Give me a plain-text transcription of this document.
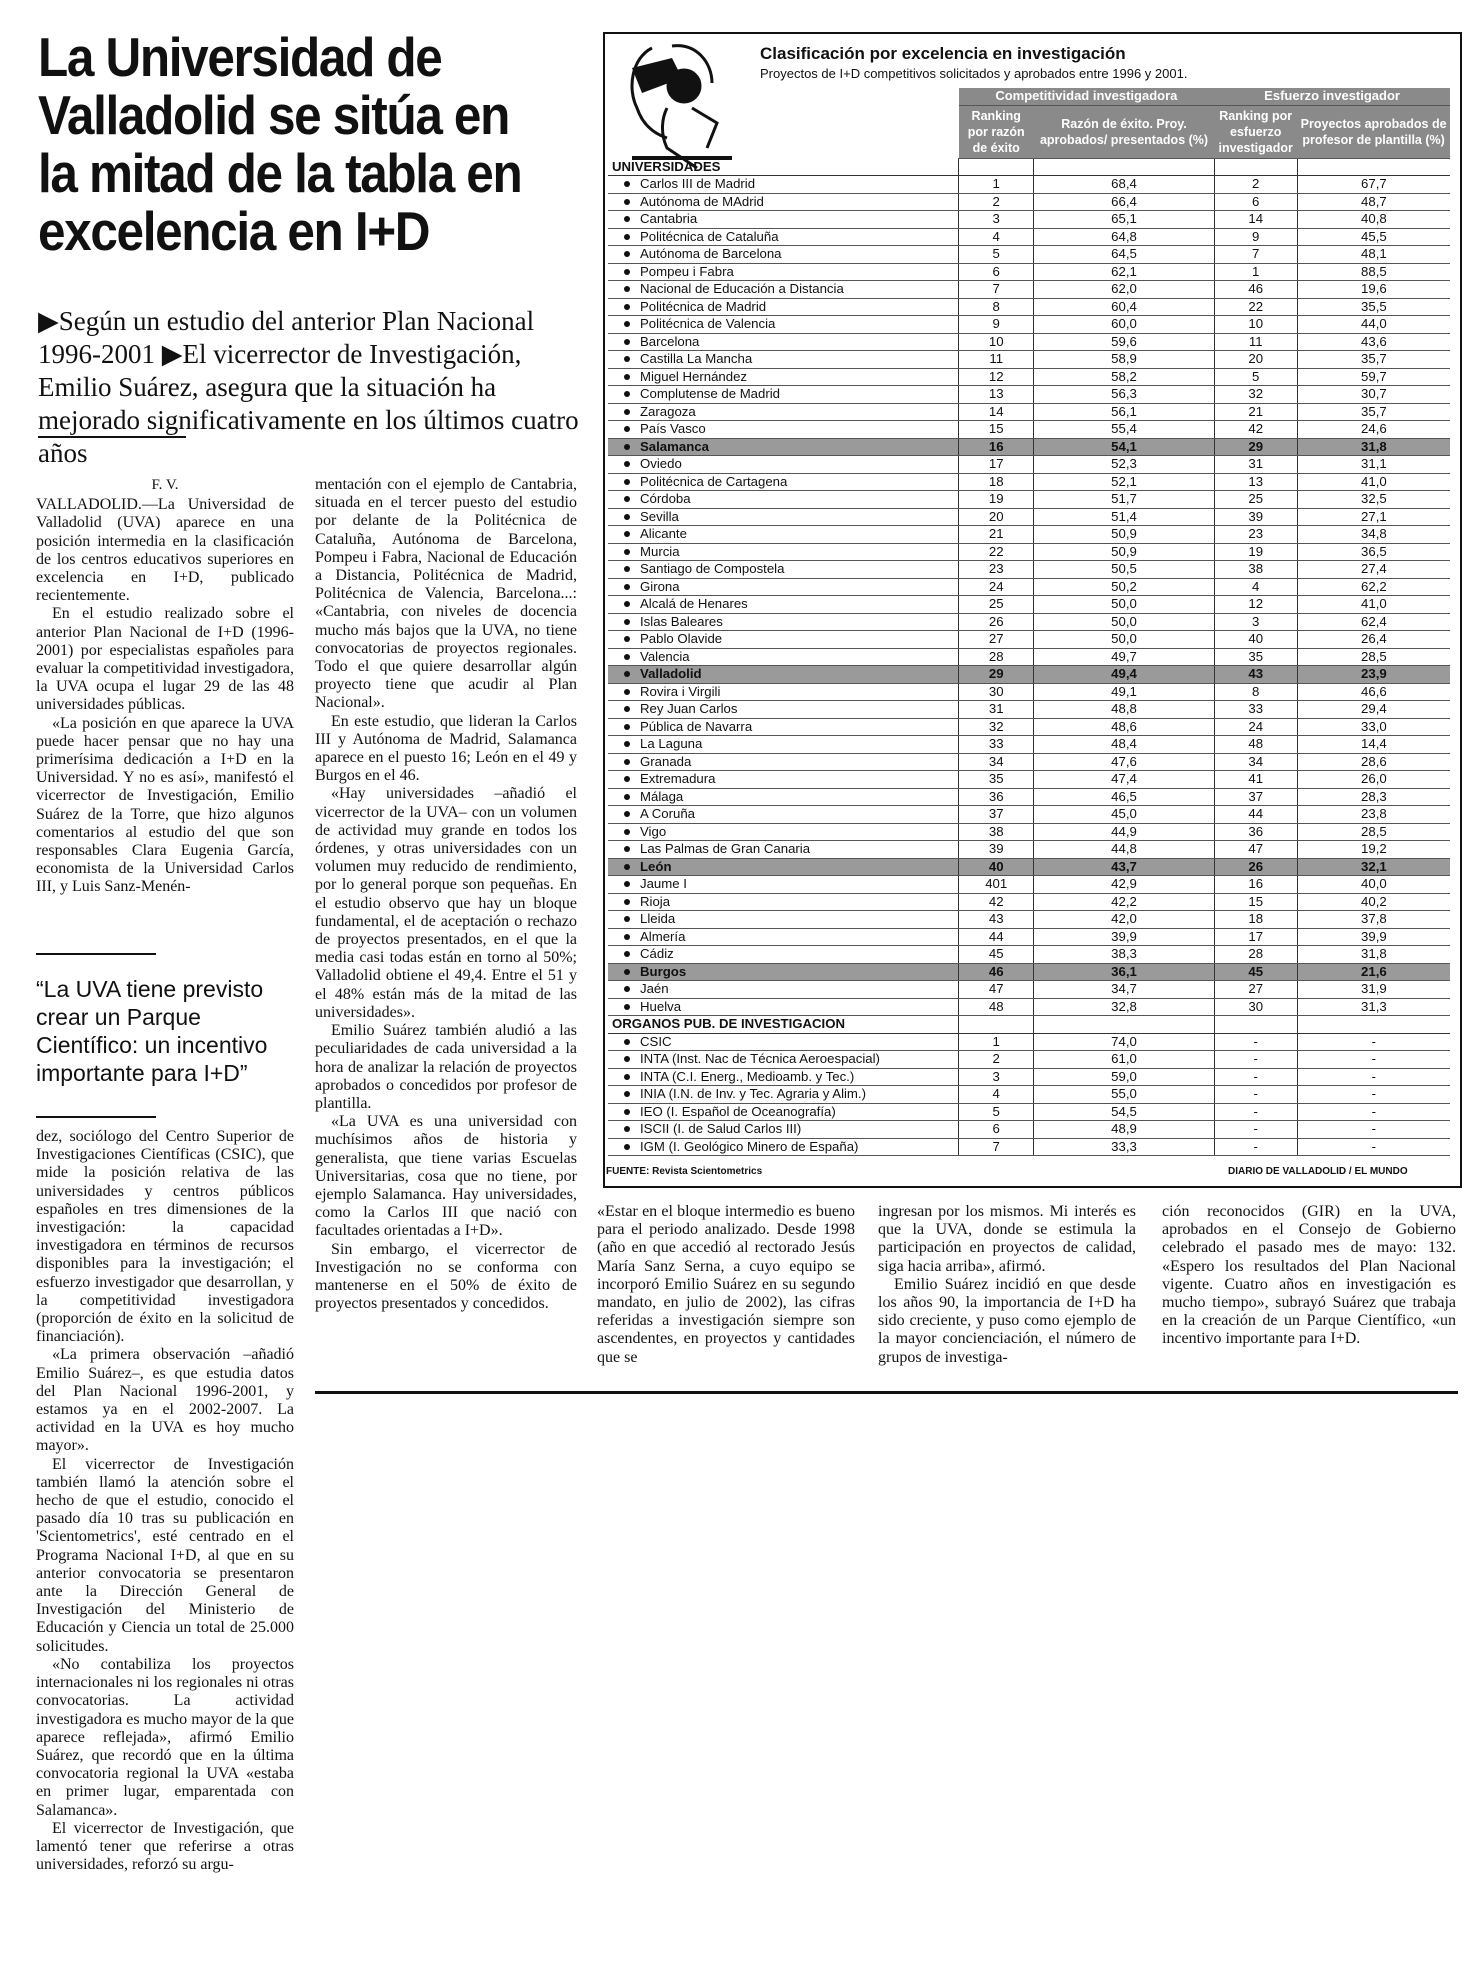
La Universidad de Valladolid se sitúa en la mitad de la tabla en excelencia en I+D
▶Según un estudio del anterior Plan Nacional 1996-2001 ▶El vicerrector de Investigación, Emilio Suárez, asegura que la situación ha mejorado significativamente en los últimos cuatro años
F. V.

VALLADOLID.—La Universidad de Valladolid (UVA) aparece en una posición intermedia en la clasificación de los centros educativos superiores en excelencia en I+D, publicado recientemente.

En el estudio realizado sobre el anterior Plan Nacional de I+D (1996-2001) por especialistas españoles para evaluar la competitividad investigadora, la UVA ocupa el lugar 29 de las 48 universidades públicas.

«La posición en que aparece la UVA puede hacer pensar que no hay una primerísima dedicación a I+D en la Universidad. Y no es así», manifestó el vicerrector de Investigación, Emilio Suárez de la Torre, que hizo algunos comentarios al estudio del que son responsables Clara Eugenia García, economista de la Universidad Carlos III, y Luis Sanz-Menén-

“La UVA tiene previsto crear un Parque Científico: un incentivo importante para I+D”

dez, sociólogo del Centro Superior de Investigaciones Científicas (CSIC), que mide la posición relativa de las universidades y centros públicos españoles en tres dimensiones de la investigación: la capacidad investigadora en términos de recursos disponibles para la investigación; el esfuerzo investigador que desarrollan, y la competitividad investigadora (proporción de éxito en la solicitud de financiación).

«La primera observación –añadió Emilio Suárez–, es que estudia datos del Plan Nacional 1996-2001, y estamos ya en el 2002-2007. La actividad en la UVA es hoy mucho mayor».

El vicerrector de Investigación también llamó la atención sobre el hecho de que el estudio, conocido el pasado día 10 tras su publicación en 'Scientometrics', esté centrado en el Programa Nacional I+D, al que en su anterior convocatoria se presentaron ante la Dirección General de Investigación del Ministerio de Educación y Ciencia un total de 25.000 solicitudes.

«No contabiliza los proyectos internacionales ni los regionales ni otras convocatorias. La actividad investigadora es mucho mayor de la que aparece reflejada», afirmó Emilio Suárez, que recordó que en la última convocatoria regional la UVA «estaba en primer lugar, emparentada con Salamanca».

El vicerrector de Investigación, que lamentó tener que referirse a otras universidades, reforzó su argu-

mentación con el ejemplo de Cantabria, situada en el tercer puesto del estudio por delante de la Politécnica de Cataluña, Autónoma de Barcelona, Pompeu i Fabra, Nacional de Educación a Distancia, Politécnica de Madrid, Politécnica de Valencia, Barcelona...: «Cantabria, con niveles de docencia mucho más bajos que la UVA, no tiene convocatorias de proyectos regionales. Todo el que quiere desarrollar algún proyecto tiene que acudir al Plan Nacional».

En este estudio, que lideran la Carlos III y Autónoma de Madrid, Salamanca aparece en el puesto 16; León en el 49 y Burgos en el 46.

«Hay universidades –añadió el vicerrector de la UVA– con un volumen de actividad muy grande en todos los órdenes, y otras universidades con un volumen muy reducido de rendimiento, por lo general porque son pequeñas. En el estudio observo que hay un bloque fundamental, el de aceptación o rechazo de proyectos presentados, en el que la media casi todas están en torno al 50%; Valladolid obtiene el 49,4. Entre el 51 y el 48% están más de la mitad de las universidades».

Emilio Suárez también aludió a las peculiaridades de cada universidad a la hora de analizar la relación de proyectos aprobados o concedidos por profesor de plantilla.

«La UVA es una universidad con muchísimos años de historia y generalista, que tiene varias Escuelas Universitarias, cosa que no tiene, por ejemplo Salamanca. Hay universidades, como la Carlos III que nació con facultades orientadas a I+D».

Sin embargo, el vicerrector de Investigación no se conforma con mantenerse en el 50% de éxito de proyectos presentados y concedidos.

«Estar en el bloque intermedio es bueno para el periodo analizado. Desde 1998 (año en que accedió al rectorado Jesús María Sanz Serna, a cuyo equipo se incorporó Emilio Suárez en su segundo mandato, en julio de 2002), las cifras referidas a investigación siempre son ascendentes, en proyectos y cantidades que se

ingresan por los mismos. Mi interés es que la UVA, donde se estimula la participación en proyectos de calidad, siga hacia arriba», afirmó.

Emilio Suárez incidió en que desde los años 90, la importancia de I+D ha sido creciente, y puso como ejemplo de la mayor concienciación, el número de grupos de investiga-

ción reconocidos (GIR) en la UVA, aprobados en el Consejo de Gobierno celebrado el pasado mes de mayo: 132. «Espero los resultados del Plan Nacional vigente. Cuatro años en investigación es mucho tiempo», subrayó Suárez que trabaja en la creación de un Parque Científico, «un incentivo importante para I+D.

Clasificación por excelencia en investigación
Proyectos de I+D competitivos solicitados y aprobados entre 1996 y 2001.
	Competitividad investigadora		Esfuerzo investigador	
	Ranking por razón de éxito	Razón de éxito. Proy. aprobados/ presentados (%)	Ranking por esfuerzo investigador	Proyectos aprobados de profesor de plantilla (%)
UNIVERSIDADES				
Carlos III de Madrid	1	68,4	2	67,7
Autónoma de MAdrid	2	66,4	6	48,7
Cantabria	3	65,1	14	40,8
Politécnica de Cataluña	4	64,8	9	45,5
Autónoma de Barcelona	5	64,5	7	48,1
Pompeu i Fabra	6	62,1	1	88,5
Nacional de Educación a Distancia	7	62,0	46	19,6
Politécnica de Madrid	8	60,4	22	35,5
Politécnica de Valencia	9	60,0	10	44,0
Barcelona	10	59,6	11	43,6
Castilla La Mancha	11	58,9	20	35,7
Miguel Hernández	12	58,2	5	59,7
Complutense de Madrid	13	56,3	32	30,7
Zaragoza	14	56,1	21	35,7
País Vasco	15	55,4	42	24,6
Salamanca	16	54,1	29	31,8
Oviedo	17	52,3	31	31,1
Politécnica de Cartagena	18	52,1	13	41,0
Córdoba	19	51,7	25	32,5
Sevilla	20	51,4	39	27,1
Alicante	21	50,9	23	34,8
Murcia	22	50,9	19	36,5
Santiago de Compostela	23	50,5	38	27,4
Girona	24	50,2	4	62,2
Alcalá de Henares	25	50,0	12	41,0
Islas Baleares	26	50,0	3	62,4
Pablo Olavide	27	50,0	40	26,4
Valencia	28	49,7	35	28,5
Valladolid	29	49,4	43	23,9
Rovira i Virgili	30	49,1	8	46,6
Rey Juan Carlos	31	48,8	33	29,4
Pública de Navarra	32	48,6	24	33,0
La Laguna	33	48,4	48	14,4
Granada	34	47,6	34	28,6
Extremadura	35	47,4	41	26,0
Málaga	36	46,5	37	28,3
A Coruña	37	45,0	44	23,8
Vigo	38	44,9	36	28,5
Las Palmas de Gran Canaria	39	44,8	47	19,2
León	40	43,7	26	32,1
Jaume I	401	42,9	16	40,0
Rioja	42	42,2	15	40,2
Lleida	43	42,0	18	37,8
Almería	44	39,9	17	39,9
Cádiz	45	38,3	28	31,8
Burgos	46	36,1	45	21,6
Jaén	47	34,7	27	31,9
Huelva	48	32,8	30	31,3
ORGANOS PUB. DE INVESTIGACION				
CSIC	1	74,0	-	-
INTA (Inst. Nac de Técnica Aeroespacial)	2	61,0	-	-
INTA (C.I. Energ., Medioamb. y Tec.)	3	59,0	-	-
INIA (I.N. de Inv. y Tec. Agraria y Alim.)	4	55,0	-	-
IEO (I. Español de Oceanografía)	5	54,5	-	-
ISCII (I. de Salud Carlos III)	6	48,9	-	-
IGM (I. Geológico Minero de España)	7	33,3	-	-
FUENTE: Revista Scientometrics	DIARIO DE VALLADOLID / EL MUNDO
